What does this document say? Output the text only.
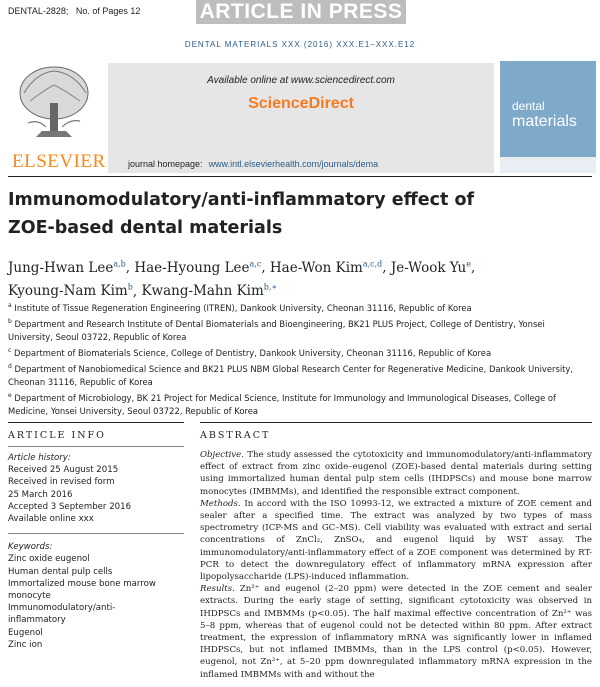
DENTAL-2828; No. of Pages 12	ARTICLE IN PRESS
DENTAL MATERIALS XXX (2016) XXX.E1–XXX.E12
ELSEVIER
Available online at www.sciencedirect.com
ScienceDirect
journal homepage: www.intl.elsevierhealth.com/journals/dema
dental
materials
Immunomodulatory/anti-inflammatory effect of
ZOE-based dental materials
Jung-Hwan Lee$^{a,b}$, Hae-Hyoung Lee$^{a,c}$, Hae-Won Kim$^{a,c,d}$, Je-Wook Yu$^e$,
Kyoung-Nam Kim$^b$, Kwang-Mahn Kim$^{b,∗}$
$^a$ Institute of Tissue Regeneration Engineering (ITREN), Dankook University, Cheonan 31116, Republic of Korea
$^b$ Department and Research Institute of Dental Biomaterials and Bioengineering, BK21 PLUS Project, College of Dentistry, Yonsei University, Seoul 03722, Republic of Korea
$^c$ Department of Biomaterials Science, College of Dentistry, Dankook University, Cheonan 31116, Republic of Korea
$^d$ Department of Nanobiomedical Science and BK21 PLUS NBM Global Research Center for Regenerative Medicine, Dankook University, Cheonan 31116, Republic of Korea
$^e$ Department of Microbiology, BK 21 Project for Medical Science, Institute for Immunology and Immunological Diseases, College of Medicine, Yonsei University, Seoul 03722, Republic of Korea
ARTICLE INFO	ABSTRACT
Article history:
Received 25 August 2015
Received in revised form
25 March 2016
Accepted 3 September 2016
Available online xxx
Keywords:
Zinc oxide eugenol
Human dental pulp cells
Immortalized mouse bone marrow
monocyte
Immunomodulatory/anti-
inflammatory
Eugenol
Zinc ion

Objective. The study assessed the cytotoxicity and immunomodulatory/anti-inflammatory effect of extract from zinc oxide–eugenol (ZOE)-based dental materials during setting using immortalized human dental pulp stem cells (IHDPSCs) and mouse bone marrow monocytes (IMBMMs), and identified the responsible extract component.

Methods. In accord with the ISO 10993-12, we extracted a mixture of ZOE cement and sealer after a specified time. The extract was analyzed by two types of mass spectrometry (ICP-MS and GC–MS). Cell viability was evaluated with extract and serial concentrations of ZnCl₂, ZnSO₄, and eugenol liquid by WST assay. The immunomodulatory/anti-inflammatory effect of a ZOE component was determined by RT-PCR to detect the downregulatory effect of inflammatory mRNA expression after lipopolysaccharide (LPS)-induced inflammation.

Results. Zn²⁺ and eugenol (2–20 ppm) were detected in the ZOE cement and sealer extracts. During the early stage of setting, significant cytotoxicity was observed in IHDPSCs and IMBMMs (p<0.05). The half maximal effective concentration of Zn²⁺ was 5–8 ppm, whereas that of eugenol could not be detected within 80 ppm. After extract treatment, the expression of inflammatory mRNA was significantly lower in inflamed IHDPSCs, but not inflamed IMBMMs, than in the LPS control (p<0.05). However, eugenol, not Zn²⁺, at 5–20 ppm downregulated inflammatory mRNA expression in the inflamed IMBMMs with and without the
